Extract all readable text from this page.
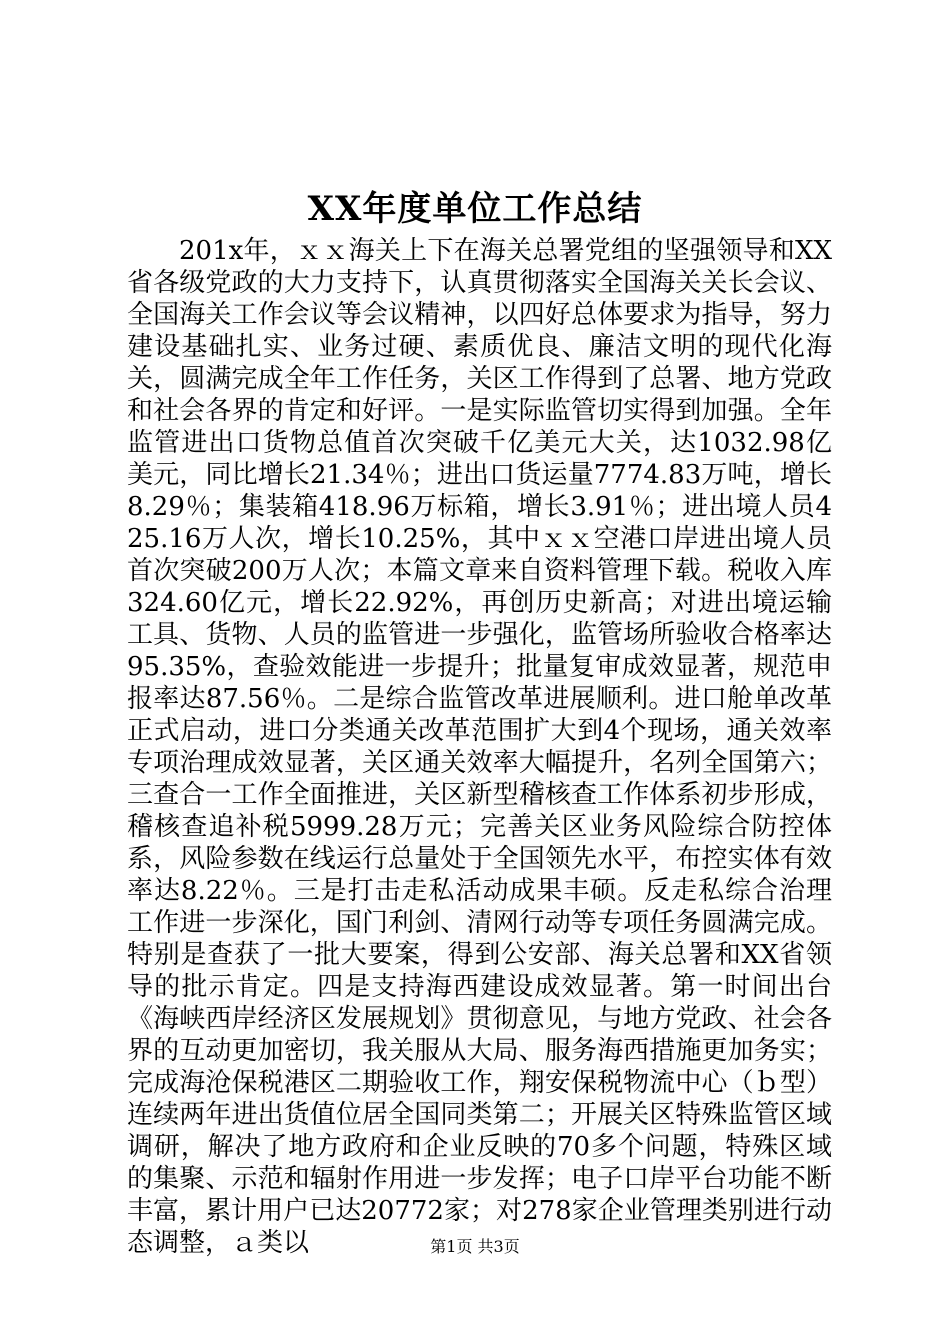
XX年度单位工作总结

201x年，ｘｘ海关上下在海关总署党组的坚强领导和XX省各级党政的大力支持下，认真贯彻落实全国海关关长会议、全国海关工作会议等会议精神，以四好总体要求为指导，努力建设基础扎实、业务过硬、素质优良、廉洁文明的现代化海关，圆满完成全年工作任务，关区工作得到了总署、地方党政和社会各界的肯定和好评。一是实际监管切实得到加强。全年监管进出口货物总值首次突破千亿美元大关，达1032.98亿美元，同比增长21.34％；进出口货运量7774.83万吨，增长8.29％；集装箱418.96万标箱，增长3.91％；进出境人员425.16万人次，增长10.25%，其中ｘｘ空港口岸进出境人员首次突破200万人次；本篇文章来自资料管理下载。税收入库324.60亿元，增长22.92%，再创历史新高；对进出境运输工具、货物、人员的监管进一步强化，监管场所验收合格率达95.35%，查验效能进一步提升；批量复审成效显著，规范申报率达87.56％。二是综合监管改革进展顺利。进口舱单改革正式启动，进口分类通关改革范围扩大到4个现场，通关效率专项治理成效显著，关区通关效率大幅提升，名列全国第六；三查合一工作全面推进，关区新型稽核查工作体系初步形成，稽核查追补税5999.28万元；完善关区业务风险综合防控体系，风险参数在线运行总量处于全国领先水平，布控实体有效率达8.22％。三是打击走私活动成果丰硕。反走私综合治理工作进一步深化，国门利剑、清网行动等专项任务圆满完成。特别是查获了一批大要案，得到公安部、海关总署和XX省领导的批示肯定。四是支持海西建设成效显著。第一时间出台《海峡西岸经济区发展规划》贯彻意见，与地方党政、社会各界的互动更加密切，我关服从大局、服务海西措施更加务实；完成海沧保税港区二期验收工作，翔安保税物流中心（ｂ型）连续两年进出货值位居全国同类第二；开展关区特殊监管区域调研，解决了地方政府和企业反映的70多个问题，特殊区域的集聚、示范和辐射作用进一步发挥；电子口岸平台功能不断丰富，累计用户已达20772家；对278家企业管理类别进行动态调整，ａ类以	第1页 共3页
